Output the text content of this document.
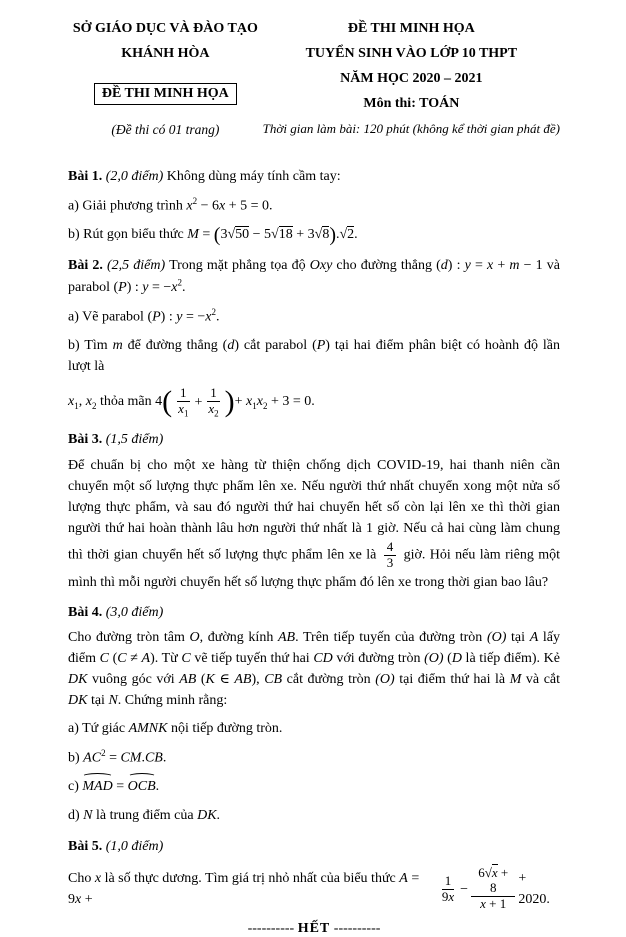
SỞ GIÁO DỤC VÀ ĐÀO TẠO
KHÁNH HÒA
ĐỀ THI MINH HỌA
(Đề thi có 01 trang)
ĐỀ THI MINH HỌA
TUYỂN SINH VÀO LỚP 10 THPT
NĂM HỌC 2020 – 2021
Môn thi: TOÁN
Thời gian làm bài: 120 phút (không kể thời gian phát đề)
Bài 1. (2,0 điểm) Không dùng máy tính cầm tay:
a) Giải phương trình $x^2 - 6x + 5 = 0$.
b) Rút gọn biểu thức M = (3√50 − 5√18 + 3√8).√2.
Bài 2. (2,5 điểm) Trong mặt phẳng tọa độ Oxy cho đường thẳng (d) : y = x + m − 1 và parabol (P) : $y = -x^2$.
a) Vẽ parabol (P) : $y = -x^2$.
b) Tìm m để đường thẳng (d) cắt parabol (P) tại hai điểm phân biệt có hoành độ lần lượt là
$x_1$, $x_2$ thỏa mãn 4 ( $\frac{1}{x_1} + \frac{1}{x_2}$ ) + $x_1x_2 + 3 = 0$.
Bài 3. (1,5 điểm)
Để chuẩn bị cho một xe hàng từ thiện chống dịch COVID-19, hai thanh niên cần chuyển một số lượng thực phẩm lên xe. Nếu người thứ nhất chuyển xong một nửa số lượng thực phẩm, và sau đó người thứ hai chuyển hết số còn lại lên xe thì thời gian người thứ hai hoàn thành lâu hơn người thứ nhất là 1 giờ. Nếu cả hai cùng làm chung thì thời gian chuyển hết số lượng thực phẩm lên xe là $\frac{4}{3}$ giờ. Hỏi nếu làm riêng một mình thì mỗi người chuyển hết số lượng thực phẩm đó lên xe trong thời gian bao lâu?
Bài 4. (3,0 điểm)
Cho đường tròn tâm O, đường kính AB. Trên tiếp tuyến của đường tròn (O) tại A lấy điểm C (C ≠ A). Từ C vẽ tiếp tuyến thứ hai CD với đường tròn (O) (D là tiếp điểm). Kẻ DK vuông góc với AB (K ∈ AB), CB cắt đường tròn (O) tại điểm thứ hai là M và cắt DK tại N. Chứng minh rằng:
a) Tứ giác AMNK nội tiếp đường tròn.
b) $AC^2 = CM.CB$.
c) MAD = OCB.
d) N là trung điểm của DK.
Bài 5. (1,0 điểm)
Cho x là số thực dương. Tìm giá trị nhỏ nhất của biểu thức A = 9x +	$\frac{1}{9x} - \frac{6√x + 8}{x + 1} + 2020$.
---------- HẾT ----------
